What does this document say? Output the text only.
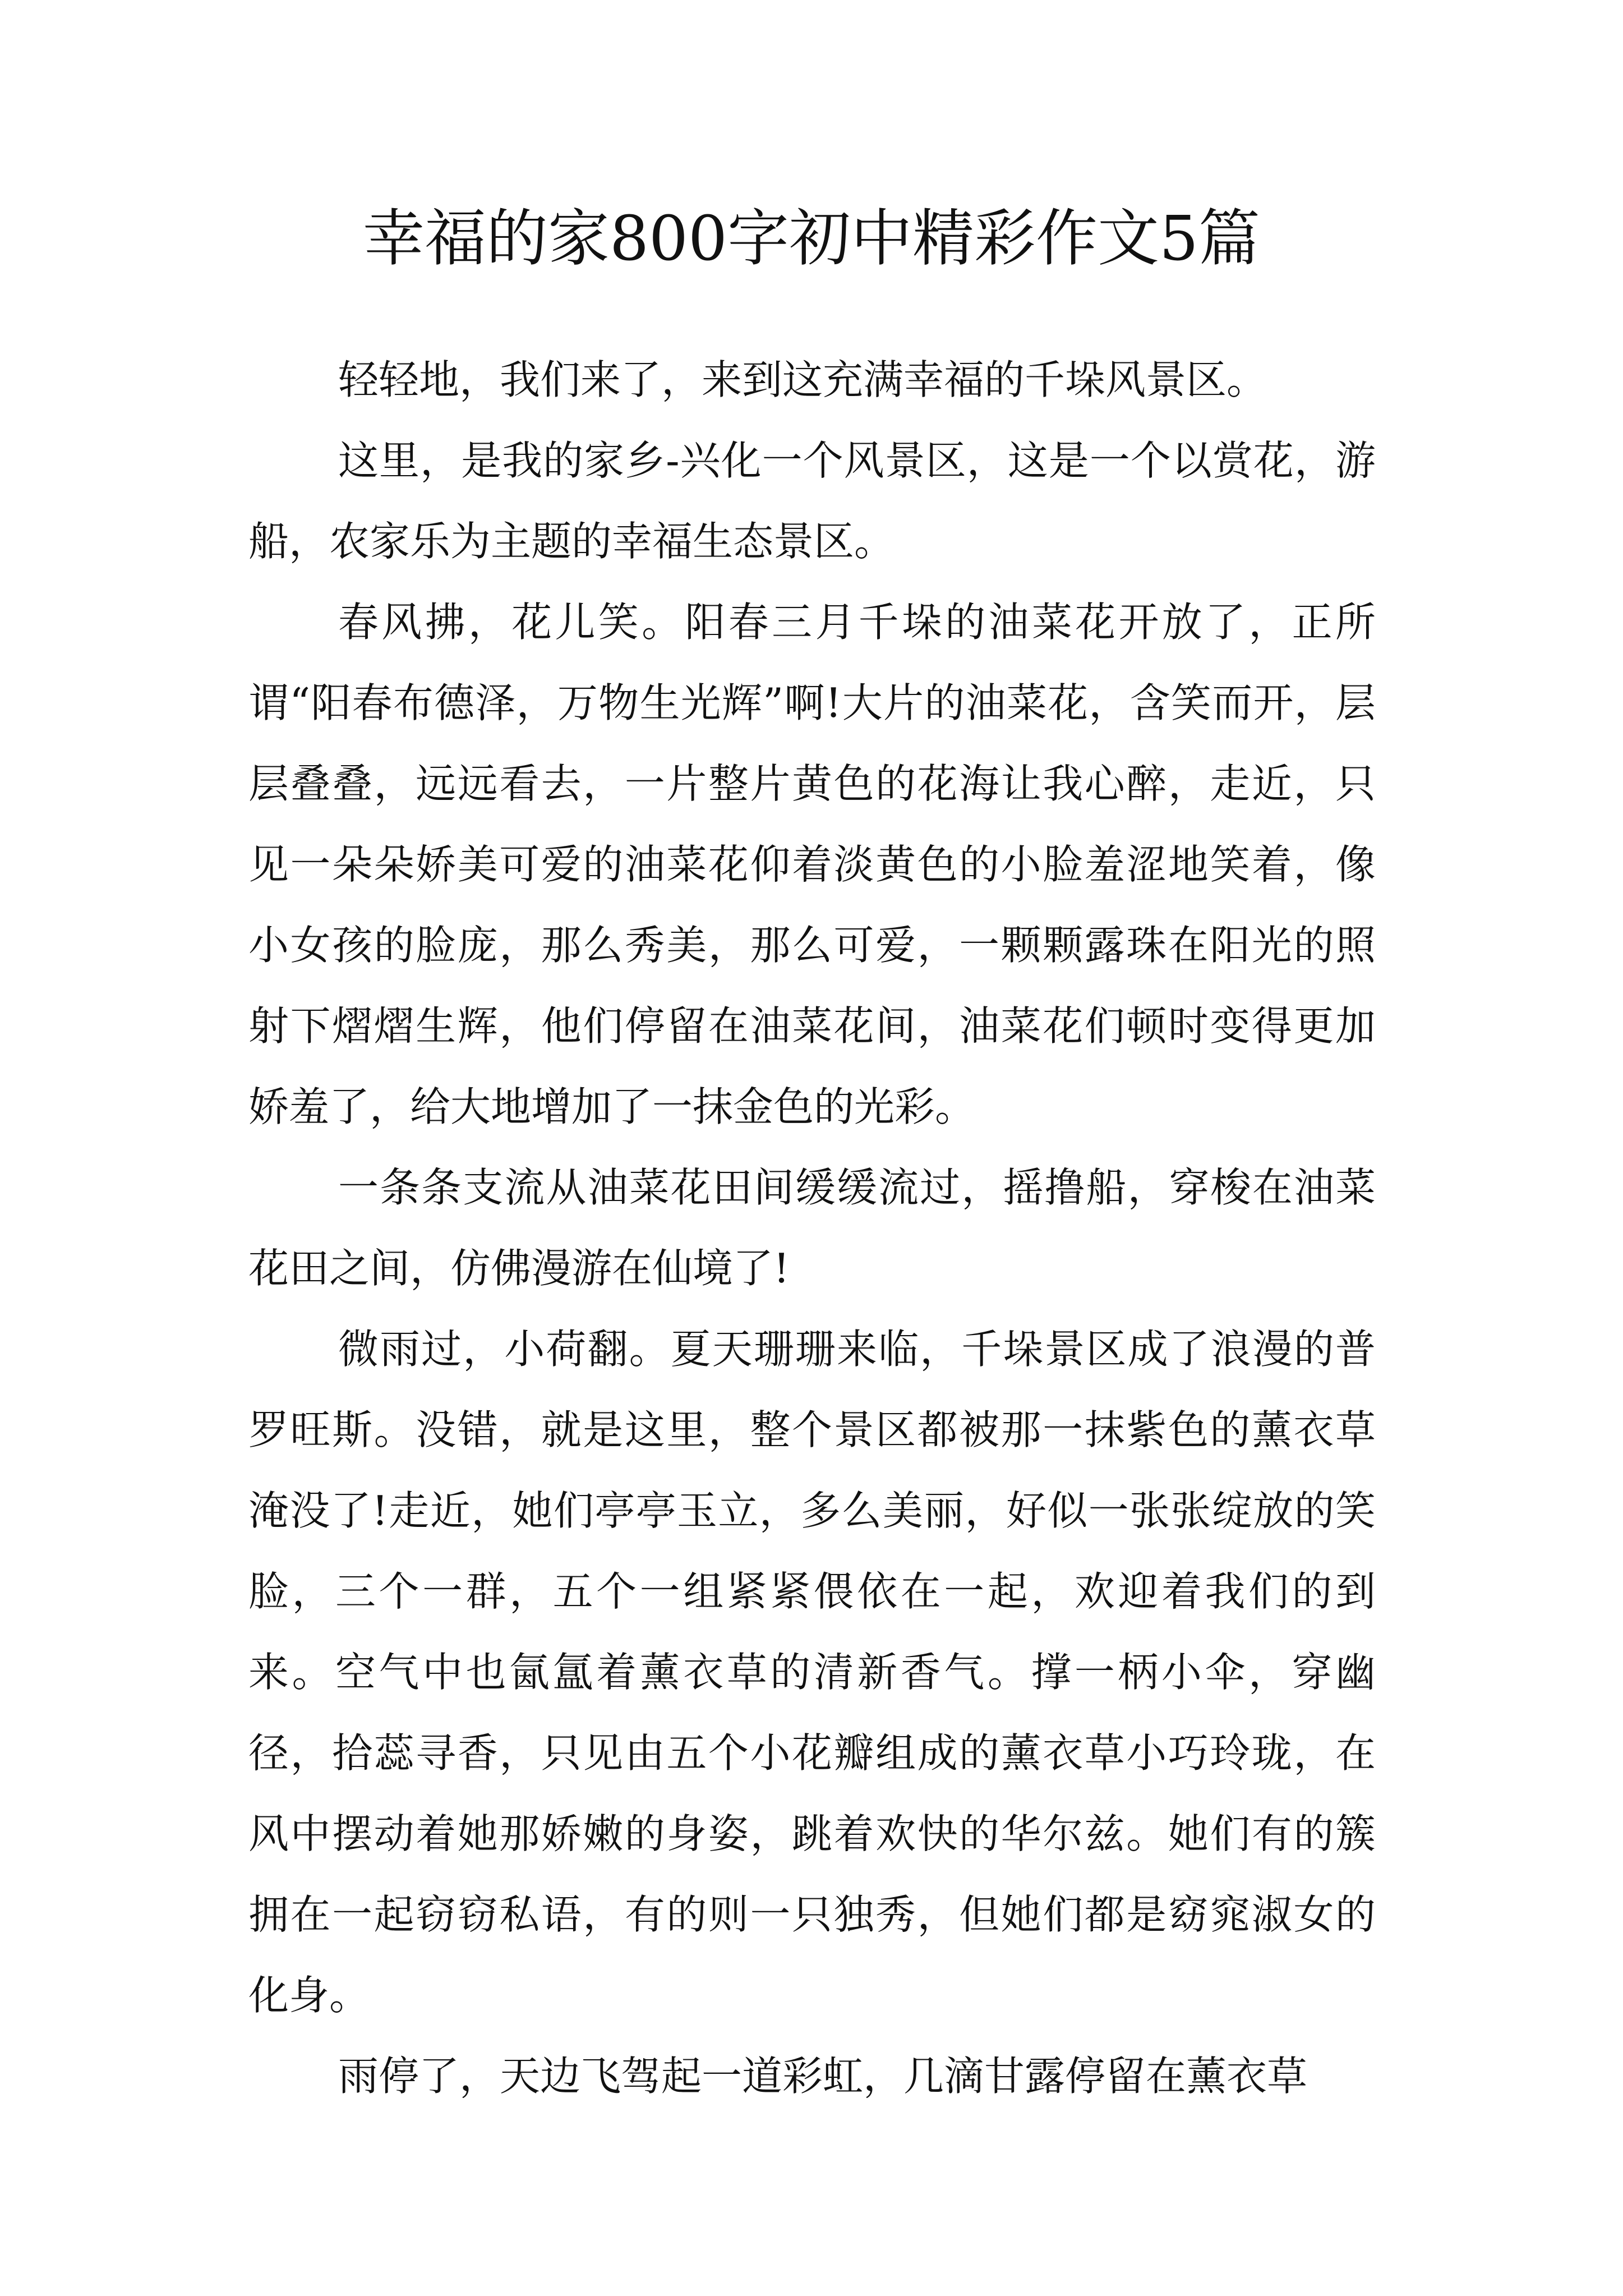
幸福的家800字初中精彩作文5篇

轻轻地，我们来了，来到这充满幸福的千垛风景区。

这里，是我的家乡-兴化一个风景区，这是一个以赏花，游船，农家乐为主题的幸福生态景区。

春风拂，花儿笑。阳春三月千垛的油菜花开放了，正所谓“阳春布德泽，万物生光辉”啊!大片的油菜花，含笑而开，层层叠叠，远远看去，一片整片黄色的花海让我心醉，走近，只见一朵朵娇美可爱的油菜花仰着淡黄色的小脸羞涩地笑着，像小女孩的脸庞，那么秀美，那么可爱，一颗颗露珠在阳光的照射下熠熠生辉，他们停留在油菜花间，油菜花们顿时变得更加娇羞了，给大地增加了一抹金色的光彩。

一条条支流从油菜花田间缓缓流过，摇撸船，穿梭在油菜花田之间，仿佛漫游在仙境了!

微雨过，小荷翻。夏天珊珊来临，千垛景区成了浪漫的普罗旺斯。没错，就是这里，整个景区都被那一抹紫色的薰衣草淹没了!走近，她们亭亭玉立，多么美丽，好似一张张绽放的笑脸，三个一群，五个一组紧紧偎依在一起，欢迎着我们的到来。空气中也氤氲着薰衣草的清新香气。撑一柄小伞，穿幽径，拾蕊寻香，只见由五个小花瓣组成的薰衣草小巧玲珑，在风中摆动着她那娇嫩的身姿，跳着欢快的华尔兹。她们有的簇拥在一起窃窃私语，有的则一只独秀，但她们都是窈窕淑女的化身。

雨停了，天边飞驾起一道彩虹，几滴甘露停留在薰衣草
